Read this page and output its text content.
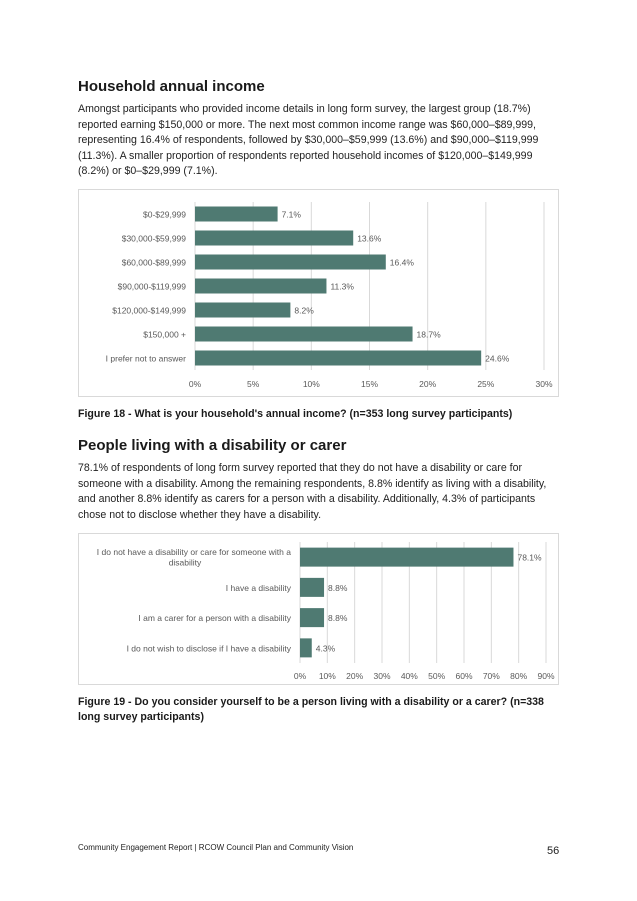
Household annual income
Amongst participants who provided income details in long form survey, the largest group (18.7%) reported earning $150,000 or more. The next most common income range was $60,000–$89,999, representing 16.4% of respondents, followed by $30,000–$59,999 (13.6%) and $90,000–$119,999 (11.3%). A smaller proportion of respondents reported household incomes of $120,000–$149,999 (8.2%) or $0–$29,999 (7.1%).
7.1%
$0-$29,999
13.6%
$30,000-$59,999
16.4%
$60,000-$89,999
11.3%
$90,000-$119,999
8.2%
$120,000-$149,999
18.7%
$150,000 +
24.6%
I prefer not to answer
0%	5%	10%	15%	20%	25%	30%
Figure 18 - What is your household's annual income? (n=353 long survey participants)
People living with a disability or carer
78.1% of respondents of long form survey reported that they do not have a disability or care for someone with a disability. Among the remaining respondents, 8.8% identify as living with a disability, and another 8.8% identify as carers for a person with a disability. Additionally, 4.3% of participants chose not to disclose whether they have a disability.
78.1%
I do not have a disability or care for someone with a disability
8.8%
I have a disability
8.8%
I am a carer for a person with a disability
4.3%
I do not wish to disclose if I have a disability
0% 10% 20% 30% 40% 50% 60% 70% 80% 90%
Figure 19 - Do you consider yourself to be a person living with a disability or a carer? (n=338 long survey participants)
Community Engagement Report | RCOW Council Plan and Community Vision	56
